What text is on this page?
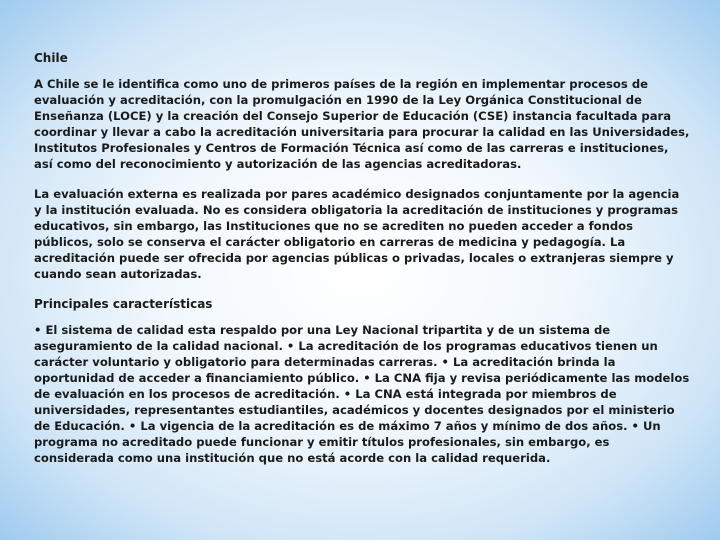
Chile
A Chile se le identifica como uno de primeros países de la región en implementar procesos de evaluación y acreditación, con la promulgación en 1990 de la Ley Orgánica Constitucional de Enseñanza (LOCE) y la creación del Consejo Superior de Educación (CSE) instancia facultada para coordinar y llevar a cabo la acreditación universitaria para procurar la calidad en las Universidades, Institutos Profesionales y Centros de Formación Técnica así como de las carreras e instituciones, así como del reconocimiento y autorización de las agencias acreditadoras.
La evaluación externa es realizada por pares académico designados conjuntamente por la agencia y la institución evaluada. No es considera obligatoria la acreditación de instituciones y programas educativos, sin embargo, las Instituciones que no se acrediten no pueden acceder a fondos públicos, solo se conserva el carácter obligatorio en carreras de medicina y pedagogía. La acreditación puede ser ofrecida por agencias públicas o privadas, locales o extranjeras siempre y cuando sean autorizadas.
Principales características
• El sistema de calidad esta respaldo por una Ley Nacional tripartita y de un sistema de aseguramiento de la calidad nacional. • La acreditación de los programas educativos tienen un carácter voluntario y obligatorio para determinadas carreras. • La acreditación brinda la oportunidad de acceder a financiamiento público. • La CNA fija y revisa periódicamente las modelos de evaluación en los procesos de acreditación. • La CNA está integrada por miembros de universidades, representantes estudiantiles, académicos y docentes designados por el ministerio de Educación. • La vigencia de la acreditación es de máximo 7 años y mínimo de dos años. • Un programa no acreditado puede funcionar y emitir títulos profesionales, sin embargo, es considerada como una institución que no está acorde con la calidad requerida.
